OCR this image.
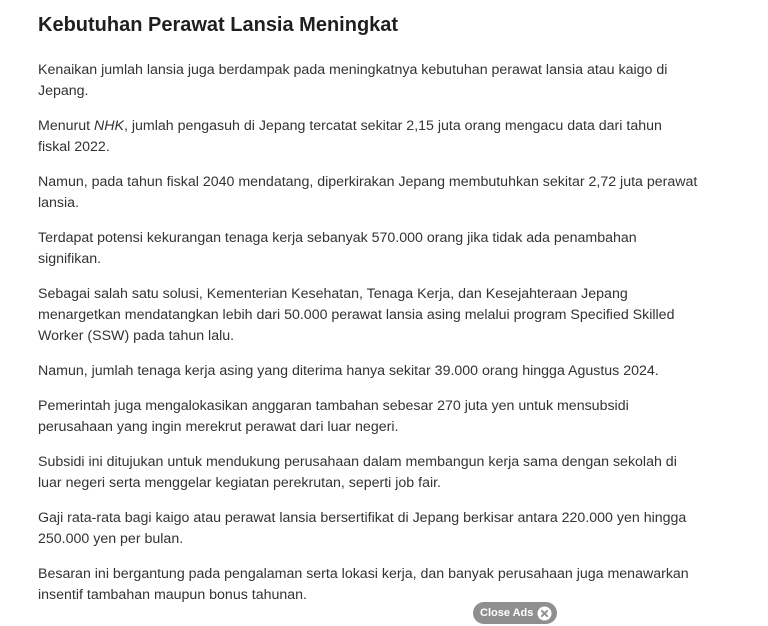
Kebutuhan Perawat Lansia Meningkat

Kenaikan jumlah lansia juga berdampak pada meningkatnya kebutuhan perawat lansia atau kaigo di Jepang.

Menurut NHK, jumlah pengasuh di Jepang tercatat sekitar 2,15 juta orang mengacu data dari tahun fiskal 2022.

Namun, pada tahun fiskal 2040 mendatang, diperkirakan Jepang membutuhkan sekitar 2,72 juta perawat lansia.

Terdapat potensi kekurangan tenaga kerja sebanyak 570.000 orang jika tidak ada penambahan signifikan.

Sebagai salah satu solusi, Kementerian Kesehatan, Tenaga Kerja, dan Kesejahteraan Jepang menargetkan mendatangkan lebih dari 50.000 perawat lansia asing melalui program Specified Skilled Worker (SSW) pada tahun lalu.

Namun, jumlah tenaga kerja asing yang diterima hanya sekitar 39.000 orang hingga Agustus 2024.

Pemerintah juga mengalokasikan anggaran tambahan sebesar 270 juta yen untuk mensubsidi perusahaan yang ingin merekrut perawat dari luar negeri.

Subsidi ini ditujukan untuk mendukung perusahaan dalam membangun kerja sama dengan sekolah di luar negeri serta menggelar kegiatan perekrutan, seperti job fair.

Gaji rata-rata bagi kaigo atau perawat lansia bersertifikat di Jepang berkisar antara 220.000 yen hingga 250.000 yen per bulan.

Besaran ini bergantung pada pengalaman serta lokasi kerja, dan banyak perusahaan juga menawarkan insentif tambahan maupun bonus tahunan.

Close Ads
